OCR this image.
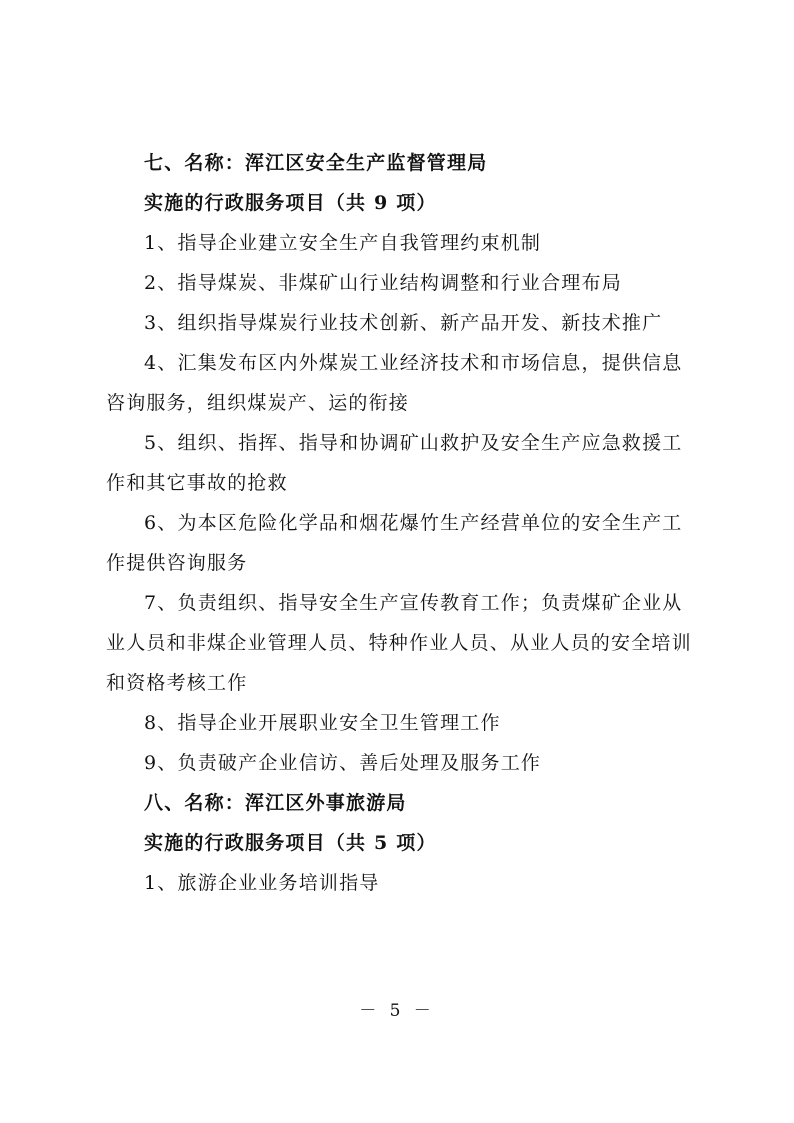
七、名称：浑江区安全生产监督管理局

实施的行政服务项目（共 9 项）

1、指导企业建立安全生产自我管理约束机制

2、指导煤炭、非煤矿山行业结构调整和行业合理布局

3、组织指导煤炭行业技术创新、新产品开发、新技术推广

4、汇集发布区内外煤炭工业经济技术和市场信息，提供信息咨询服务，组织煤炭产、运的衔接

5、组织、指挥、指导和协调矿山救护及安全生产应急救援工作和其它事故的抢救

6、为本区危险化学品和烟花爆竹生产经营单位的安全生产工作提供咨询服务

7、负责组织、指导安全生产宣传教育工作；负责煤矿企业从业人员和非煤企业管理人员、特种作业人员、从业人员的安全培训和资格考核工作

8、指导企业开展职业安全卫生管理工作

9、负责破产企业信访、善后处理及服务工作

八、名称：浑江区外事旅游局

实施的行政服务项目（共 5 项）

1、旅游企业业务培训指导

－ 5 －
